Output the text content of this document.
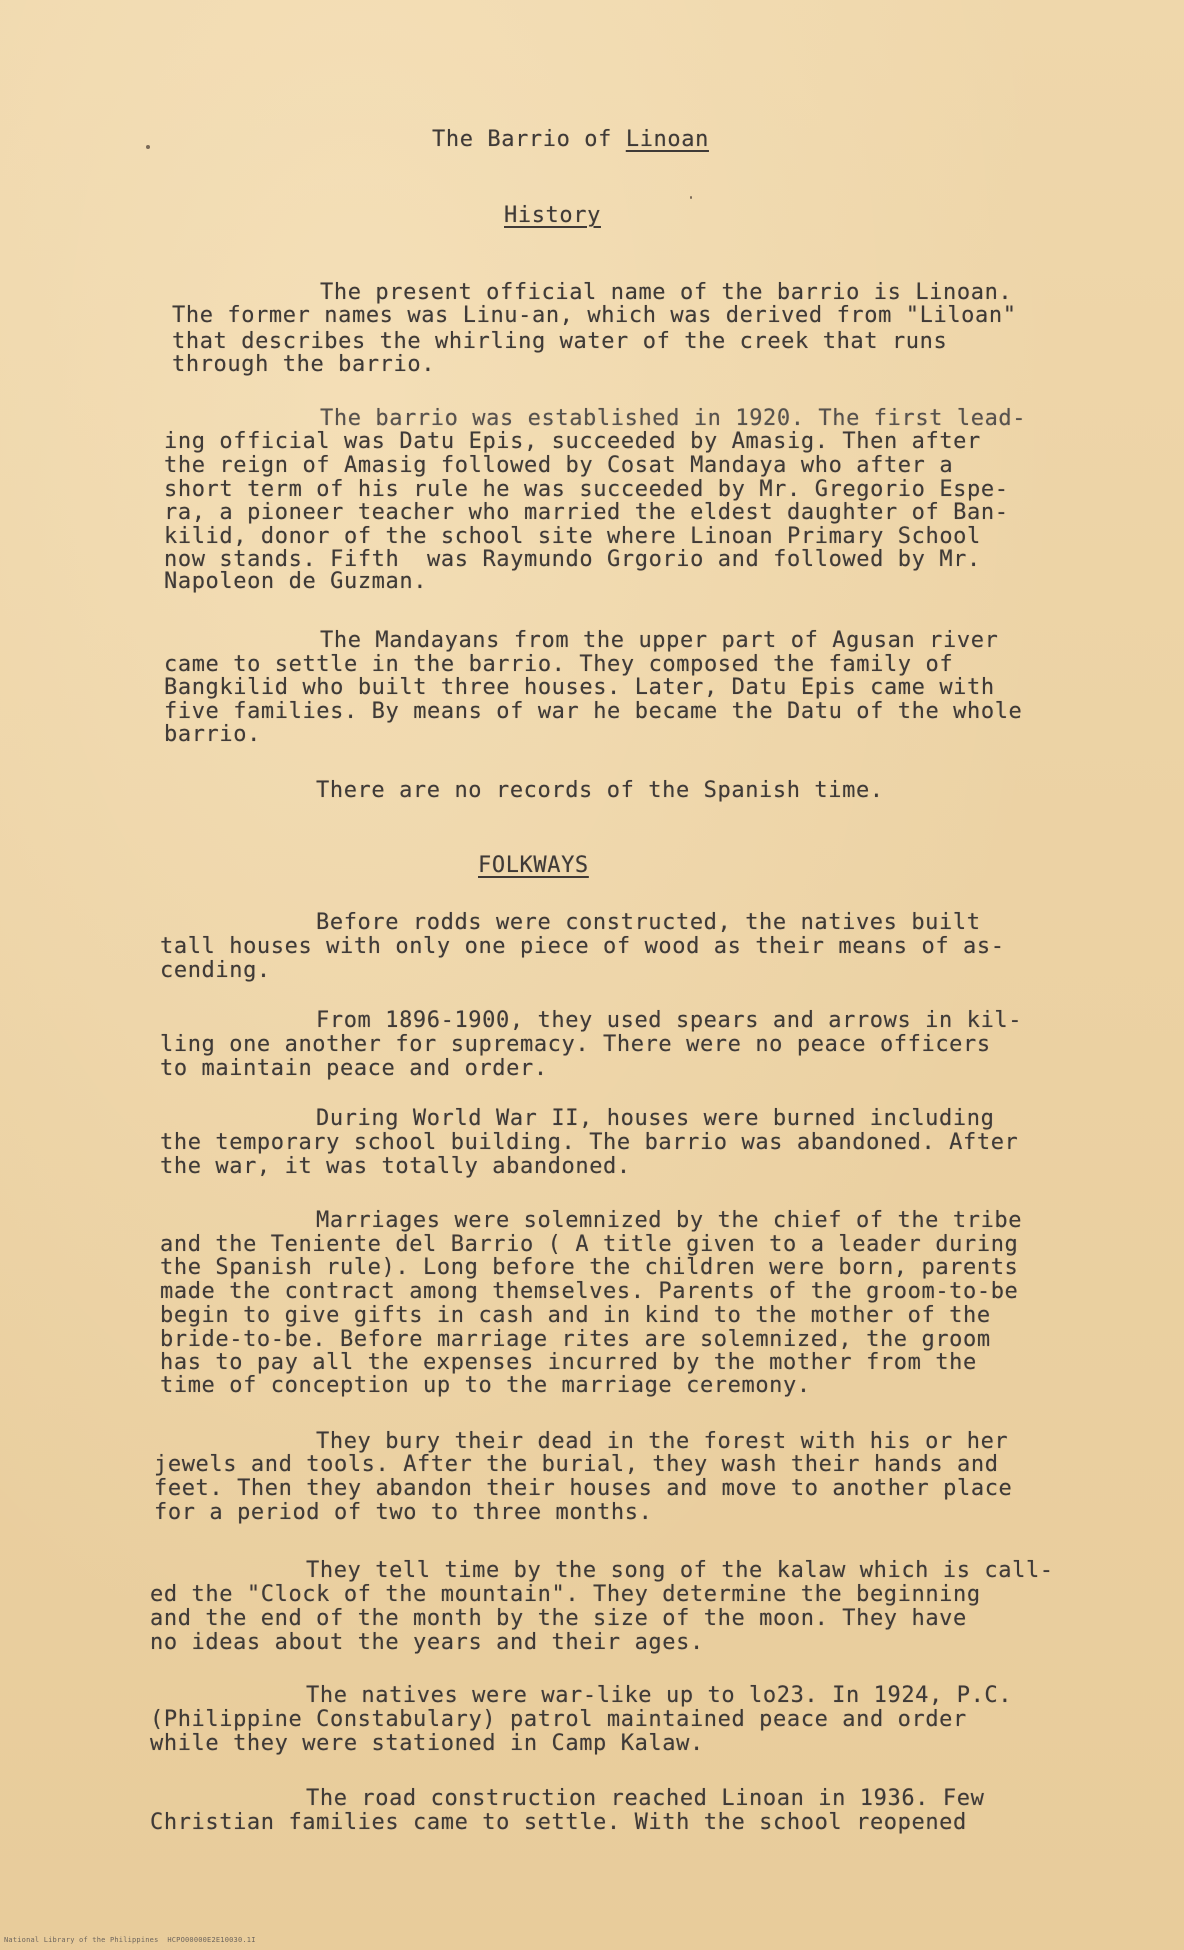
The Barrio of Linoan
History
The present official name of the barrio is Linoan.
The former names was Linu-an, which was derived from "Liloan"
that describes the whirling water of the creek that runs
through the barrio.
The barrio was established in 1920. The first lead-
ing official was Datu Epis, succeeded by Amasig. Then after
the reign of Amasig followed by Cosat Mandaya who after a
short term of his rule he was succeeded by Mr. Gregorio Espe-
ra, a pioneer teacher who married the eldest daughter of Ban-
kilid, donor of the school site where Linoan Primary School
now stands. Fifth  was Raymundo Grgorio and followed by Mr.
Napoleon de Guzman.
The Mandayans from the upper part of Agusan river
came to settle in the barrio. They composed the family of
Bangkilid who built three houses. Later, Datu Epis came with
five families. By means of war he became the Datu of the whole
barrio.
There are no records of the Spanish time.
FOLKWAYS
Before rodds were constructed, the natives built
tall houses with only one piece of wood as their means of as-
cending.
From 1896-1900, they used spears and arrows in kil-
ling one another for supremacy. There were no peace officers
to maintain peace and order.
During World War II, houses were burned including
the temporary school building. The barrio was abandoned. After
the war, it was totally abandoned.
Marriages were solemnized by the chief of the tribe
and the Teniente del Barrio ( A title given to a leader during
the Spanish rule). Long before the children were born, parents
made the contract among themselves. Parents of the groom-to-be
begin to give gifts in cash and in kind to the mother of the
bride-to-be. Before marriage rites are solemnized, the groom
has to pay all the expenses incurred by the mother from the
time of conception up to the marriage ceremony.
They bury their dead in the forest with his or her
jewels and tools. After the burial, they wash their hands and
feet. Then they abandon their houses and move to another place
for a period of two to three months.
They tell time by the song of the kalaw which is call-
ed the "Clock of the mountain". They determine the beginning
and the end of the month by the size of the moon. They have
no ideas about the years and their ages.
The natives were war-like up to lo23. In 1924, P.C.
(Philippine Constabulary) patrol maintained peace and order
while they were stationed in Camp Kalaw.
The road construction reached Linoan in 1936. Few
Christian families came to settle. With the school reopened
National Library of the Philippines  HCPO00000E2E10030.1I
